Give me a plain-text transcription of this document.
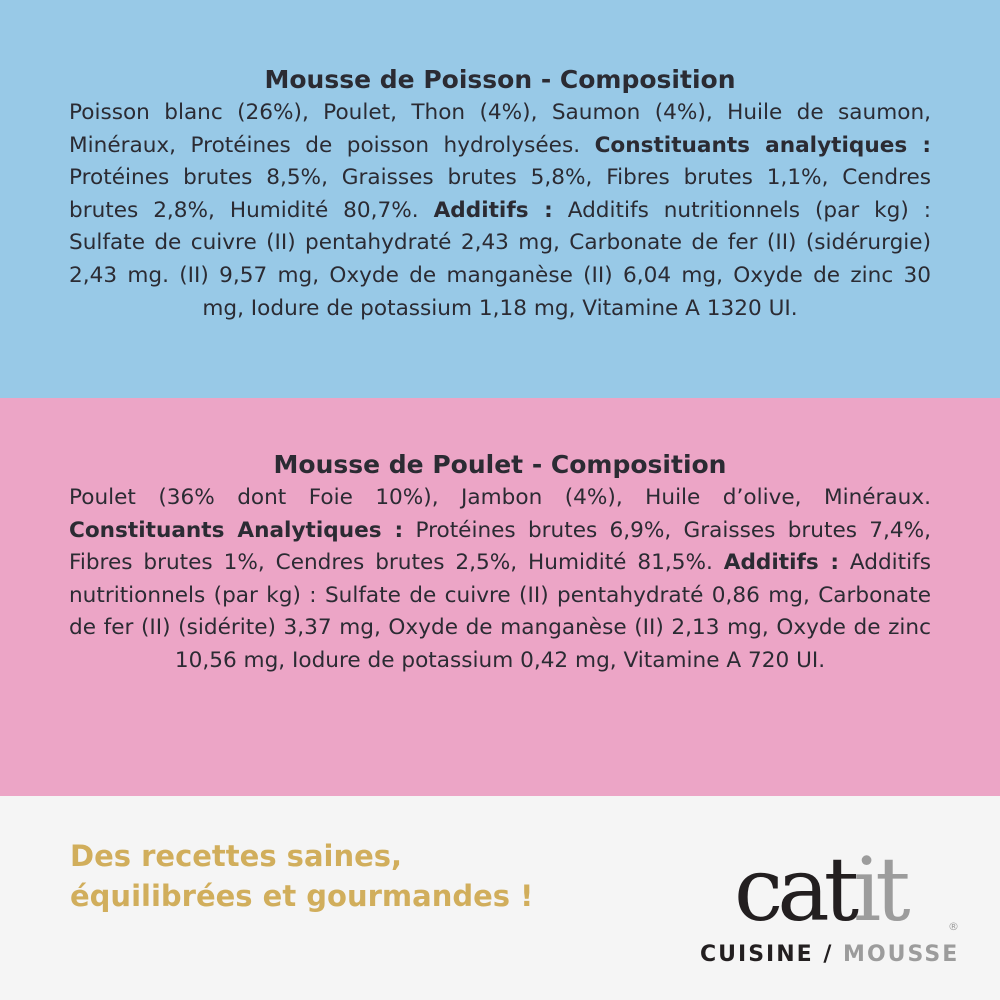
Mousse de Poisson - Composition

Poisson blanc (26%), Poulet, Thon (4%), Saumon (4%), Huile de saumon, Minéraux, Protéines de poisson hydrolysées. Constituants analytiques : Protéines brutes 8,5%, Graisses brutes 5,8%, Fibres brutes 1,1%, Cendres brutes 2,8%, Humidité 80,7%. Additifs : Additifs nutritionnels (par kg) : Sulfate de cuivre (II) pentahydraté 2,43 mg, Carbonate de fer (II) (sidérurgie) 2,43 mg. (II) 9,57 mg, Oxyde de manganèse (II) 6,04 mg, Oxyde de zinc 30 mg, Iodure de potassium 1,18 mg, Vitamine A 1320 UI.

Mousse de Poulet - Composition

Poulet (36% dont Foie 10%), Jambon (4%), Huile d’olive, Minéraux. Constituants Analytiques : Protéines brutes 6,9%, Graisses brutes 7,4%, Fibres brutes 1%, Cendres brutes 2,5%, Humidité 81,5%. Additifs : Additifs nutritionnels (par kg) : Sulfate de cuivre (II) pentahydraté 0,86 mg, Carbonate de fer (II) (sidérite) 3,37 mg, Oxyde de manganèse (II) 2,13 mg, Oxyde de zinc 10,56 mg, Iodure de potassium 0,42 mg, Vitamine A 720 UI.

Des recettes saines,
équilibrées et gourmandes ! catit	®
CUISINE / MOUSSE
